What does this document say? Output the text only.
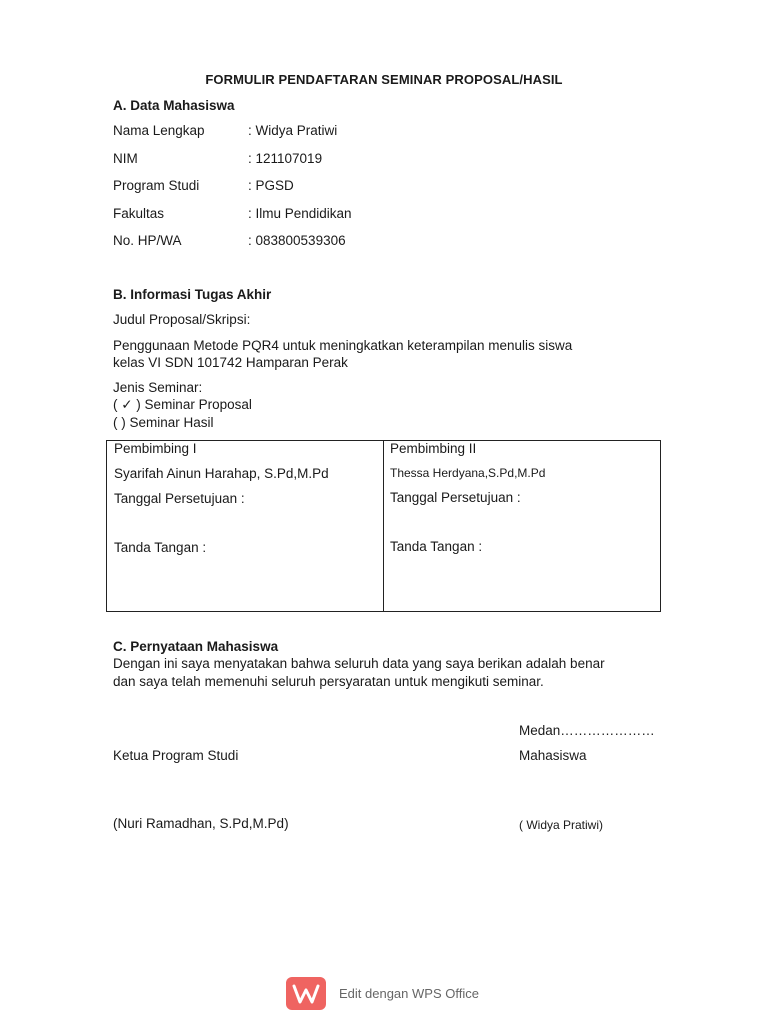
FORMULIR PENDAFTARAN SEMINAR PROPOSAL/HASIL
A. Data Mahasiswa
Nama Lengkap	: Widya Pratiwi
NIM	: 121107019
Program Studi	: PGSD
Fakultas	: Ilmu Pendidikan
No. HP/WA	: 083800539306
B. Informasi Tugas Akhir
Judul Proposal/Skripsi:
Penggunaan Metode PQR4 untuk meningkatkan keterampilan menulis siswa
kelas VI SDN 101742 Hamparan Perak
Jenis Seminar:
( ✓ ) Seminar Proposal
( ) Seminar Hasil
Pembimbing I
Syarifah Ainun Harahap, S.Pd,M.Pd
Tanggal Persetujuan :
Tanda Tangan :
Pembimbing II
Thessa Herdyana,S.Pd,M.Pd
Tanggal Persetujuan :
Tanda Tangan :
C. Pernyataan Mahasiswa
Dengan ini saya menyatakan bahwa seluruh data yang saya berikan adalah benar
dan saya telah memenuhi seluruh persyaratan untuk mengikuti seminar.
Medan…………………
Ketua Program Studi	Mahasiswa
(Nuri Ramadhan, S.Pd,M.Pd)	( Widya Pratiwi)
Edit dengan WPS Office
